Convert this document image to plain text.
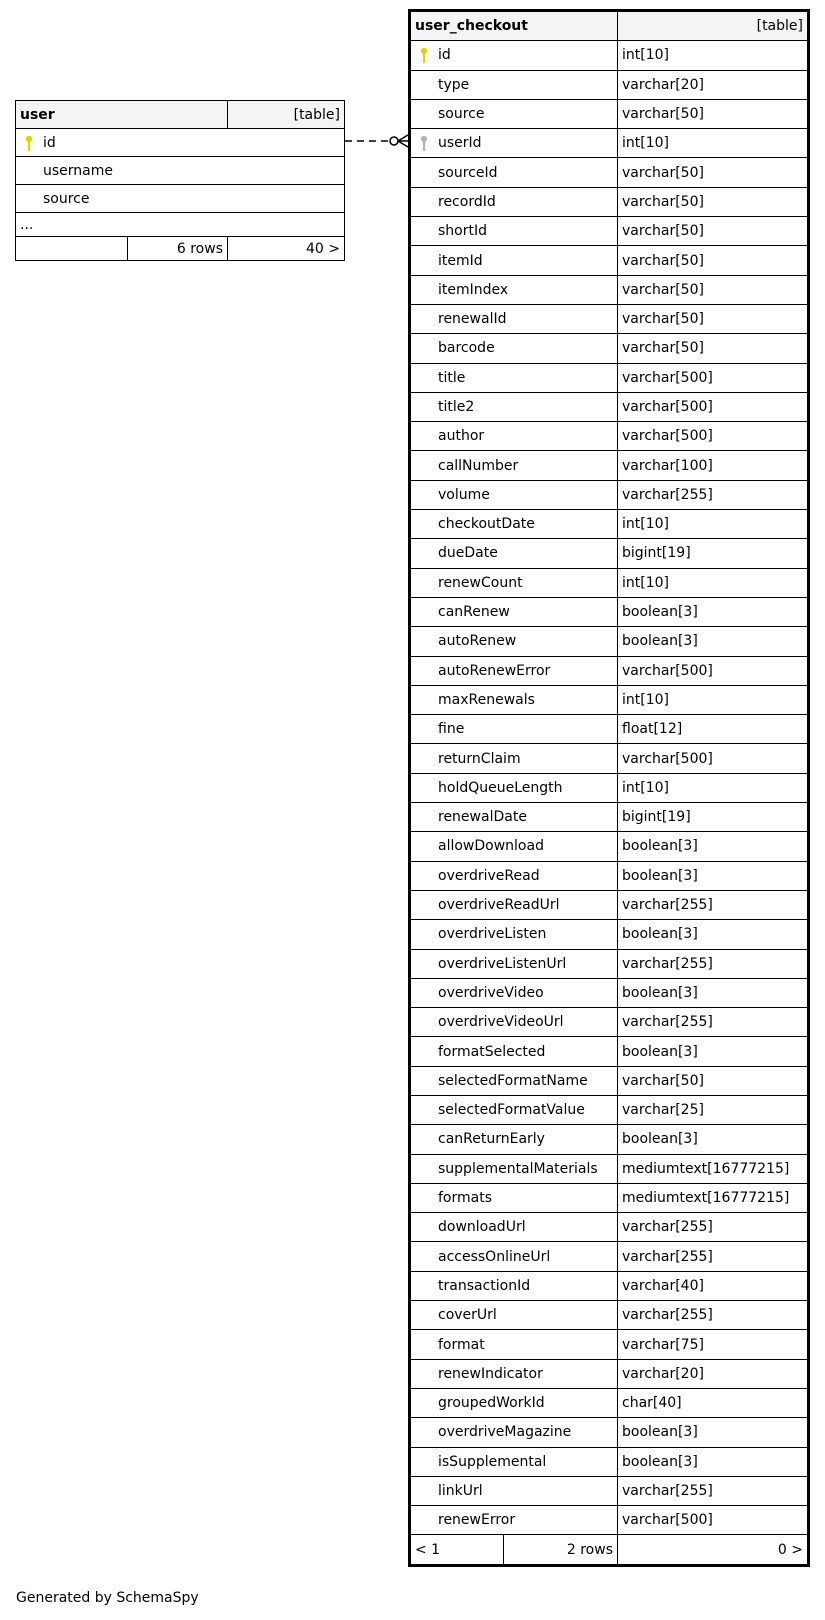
user		[table]

id		
username		
source		
...		
	6 rows	40 >
user_checkout		[table]

id		int[10]
type		varchar[20]
source		varchar[50]

userId		int[10]
sourceId		varchar[50]
recordId		varchar[50]
shortId		varchar[50]
itemId		varchar[50]
itemIndex		varchar[50]
renewalId		varchar[50]
barcode		varchar[50]
title		varchar[500]
title2		varchar[500]
author		varchar[500]
callNumber		varchar[100]
volume		varchar[255]
checkoutDate		int[10]
dueDate		bigint[19]
renewCount		int[10]
canRenew		boolean[3]
autoRenew		boolean[3]
autoRenewError		varchar[500]
maxRenewals		int[10]
fine		float[12]
returnClaim		varchar[500]
holdQueueLength		int[10]
renewalDate		bigint[19]
allowDownload		boolean[3]
overdriveRead		boolean[3]
overdriveReadUrl		varchar[255]
overdriveListen		boolean[3]
overdriveListenUrl		varchar[255]
overdriveVideo		boolean[3]
overdriveVideoUrl		varchar[255]
formatSelected		boolean[3]
selectedFormatName		varchar[50]
selectedFormatValue		varchar[25]
canReturnEarly		boolean[3]
supplementalMaterials		mediumtext[16777215]
formats		mediumtext[16777215]
downloadUrl		varchar[255]
accessOnlineUrl		varchar[255]
transactionId		varchar[40]
coverUrl		varchar[255]
format		varchar[75]
renewIndicator		varchar[20]
groupedWorkId		char[40]
overdriveMagazine		boolean[3]
isSupplemental		boolean[3]
linkUrl		varchar[255]
renewError		varchar[500]
< 1	2 rows	0 >
Generated by SchemaSpy
